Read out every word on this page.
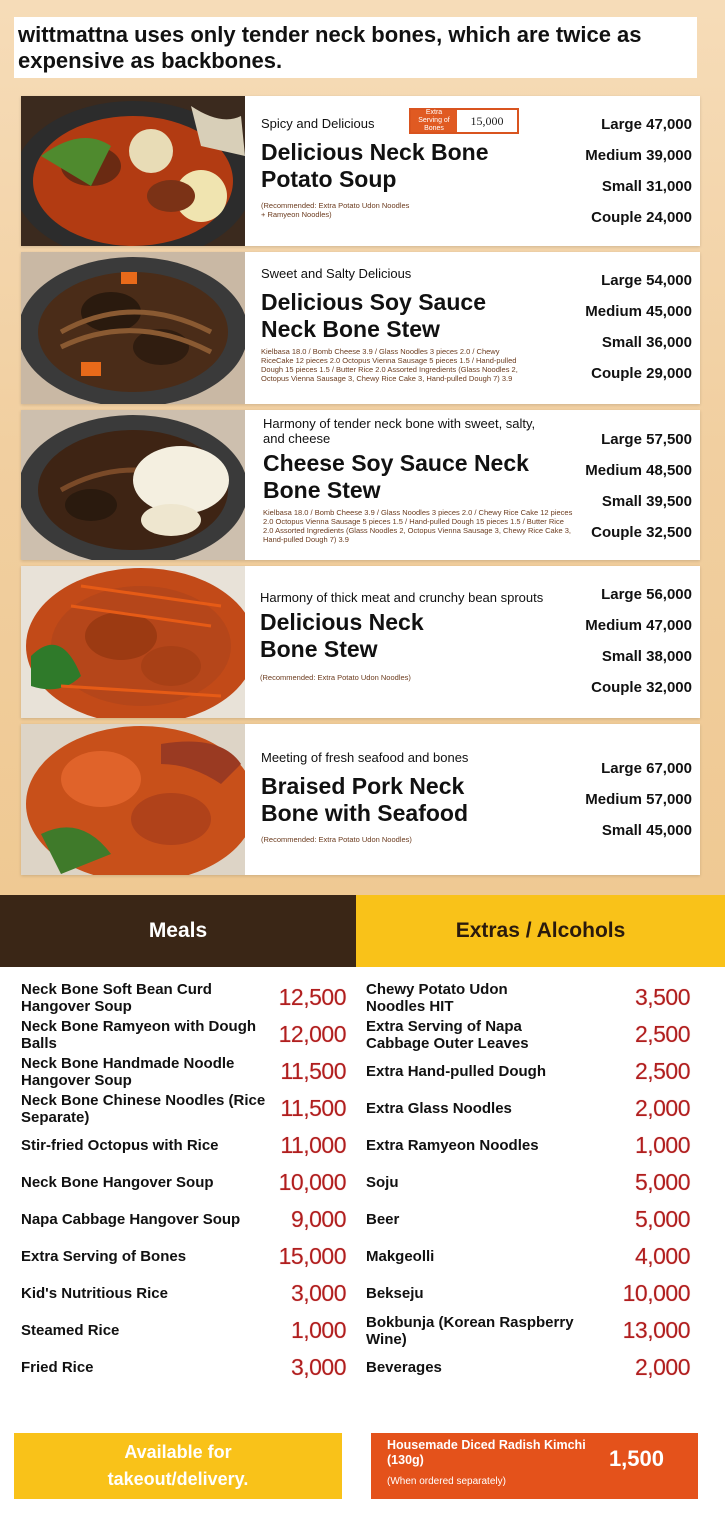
wittmattna uses only tender neck bones, which are twice as expensive as backbones.
Spicy and Delicious
Delicious Neck Bone Potato Soup
(Recommended: Extra Potato Udon Noodles + Ramyeon Noodles)
Extra Serving of Bones
15,000	Large 47,000
Medium 39,000
Small 31,000
Couple 24,000
Sweet and Salty Delicious
Delicious Soy Sauce Neck Bone Stew
Kielbasa 18.0 / Bomb Cheese 3.9 / Glass Noodles 3 pieces 2.0 / Chewy RiceCake 12 pieces 2.0 Octopus Vienna Sausage 5 pieces 1.5 / Hand-pulled Dough 15 pieces 1.5 / Butter Rice 2.0 Assorted Ingredients (Glass Noodles 2, Octopus Vienna Sausage 3, Chewy Rice Cake 3, Hand-pulled Dough 7) 3.9
Large 54,000
Medium 45,000
Small 36,000
Couple 29,000
Harmony of tender neck bone with sweet, salty, and cheese
Cheese Soy Sauce Neck Bone Stew
Kielbasa 18.0 / Bomb Cheese 3.9 / Glass Noodles 3 pieces 2.0 / Chewy Rice Cake 12 pieces 2.0 Octopus Vienna Sausage 5 pieces 1.5 / Hand-pulled Dough 15 pieces 1.5 / Butter Rice 2.0 Assorted Ingredients (Glass Noodles 2, Octopus Vienna Sausage 3, Chewy Rice Cake 3, Hand-pulled Dough 7) 3.9
Large 57,500
Medium 48,500
Small 39,500
Couple 32,500
Harmony of thick meat and crunchy bean sprouts
Delicious Neck Bone Stew
(Recommended: Extra Potato Udon Noodles)
Large 56,000
Medium 47,000
Small 38,000
Couple 32,000
Meeting of fresh seafood and bones
Braised Pork Neck Bone with Seafood
(Recommended: Extra Potato Udon Noodles)
Large 67,000
Medium 57,000
Small 45,000
Meals	Extras / Alcohols
Neck Bone Soft Bean Curd Hangover Soup	12,500
Neck Bone Ramyeon with Dough Balls	12,000
Neck Bone Handmade Noodle Hangover Soup	11,500
Neck Bone Chinese Noodles (Rice Separate)	11,500
Stir-fried Octopus with Rice	11,000
Neck Bone Hangover Soup	10,000
Napa Cabbage Hangover Soup	9,000
Extra Serving of Bones	15,000
Kid's Nutritious Rice	3,000
Steamed Rice	1,000
Fried Rice	3,000
Chewy Potato Udon Noodles HIT	3,500
Extra Serving of Napa Cabbage Outer Leaves	2,500
Extra Hand-pulled Dough	2,500
Extra Glass Noodles	2,000
Extra Ramyeon Noodles	1,000
Soju	5,000
Beer	5,000
Makgeolli	4,000
Bekseju	10,000
Bokbunja (Korean Raspberry Wine)	13,000
Beverages	2,000
Available for takeout/delivery.
Housemade Diced Radish Kimchi (130g)
(When ordered separately)
1,500
